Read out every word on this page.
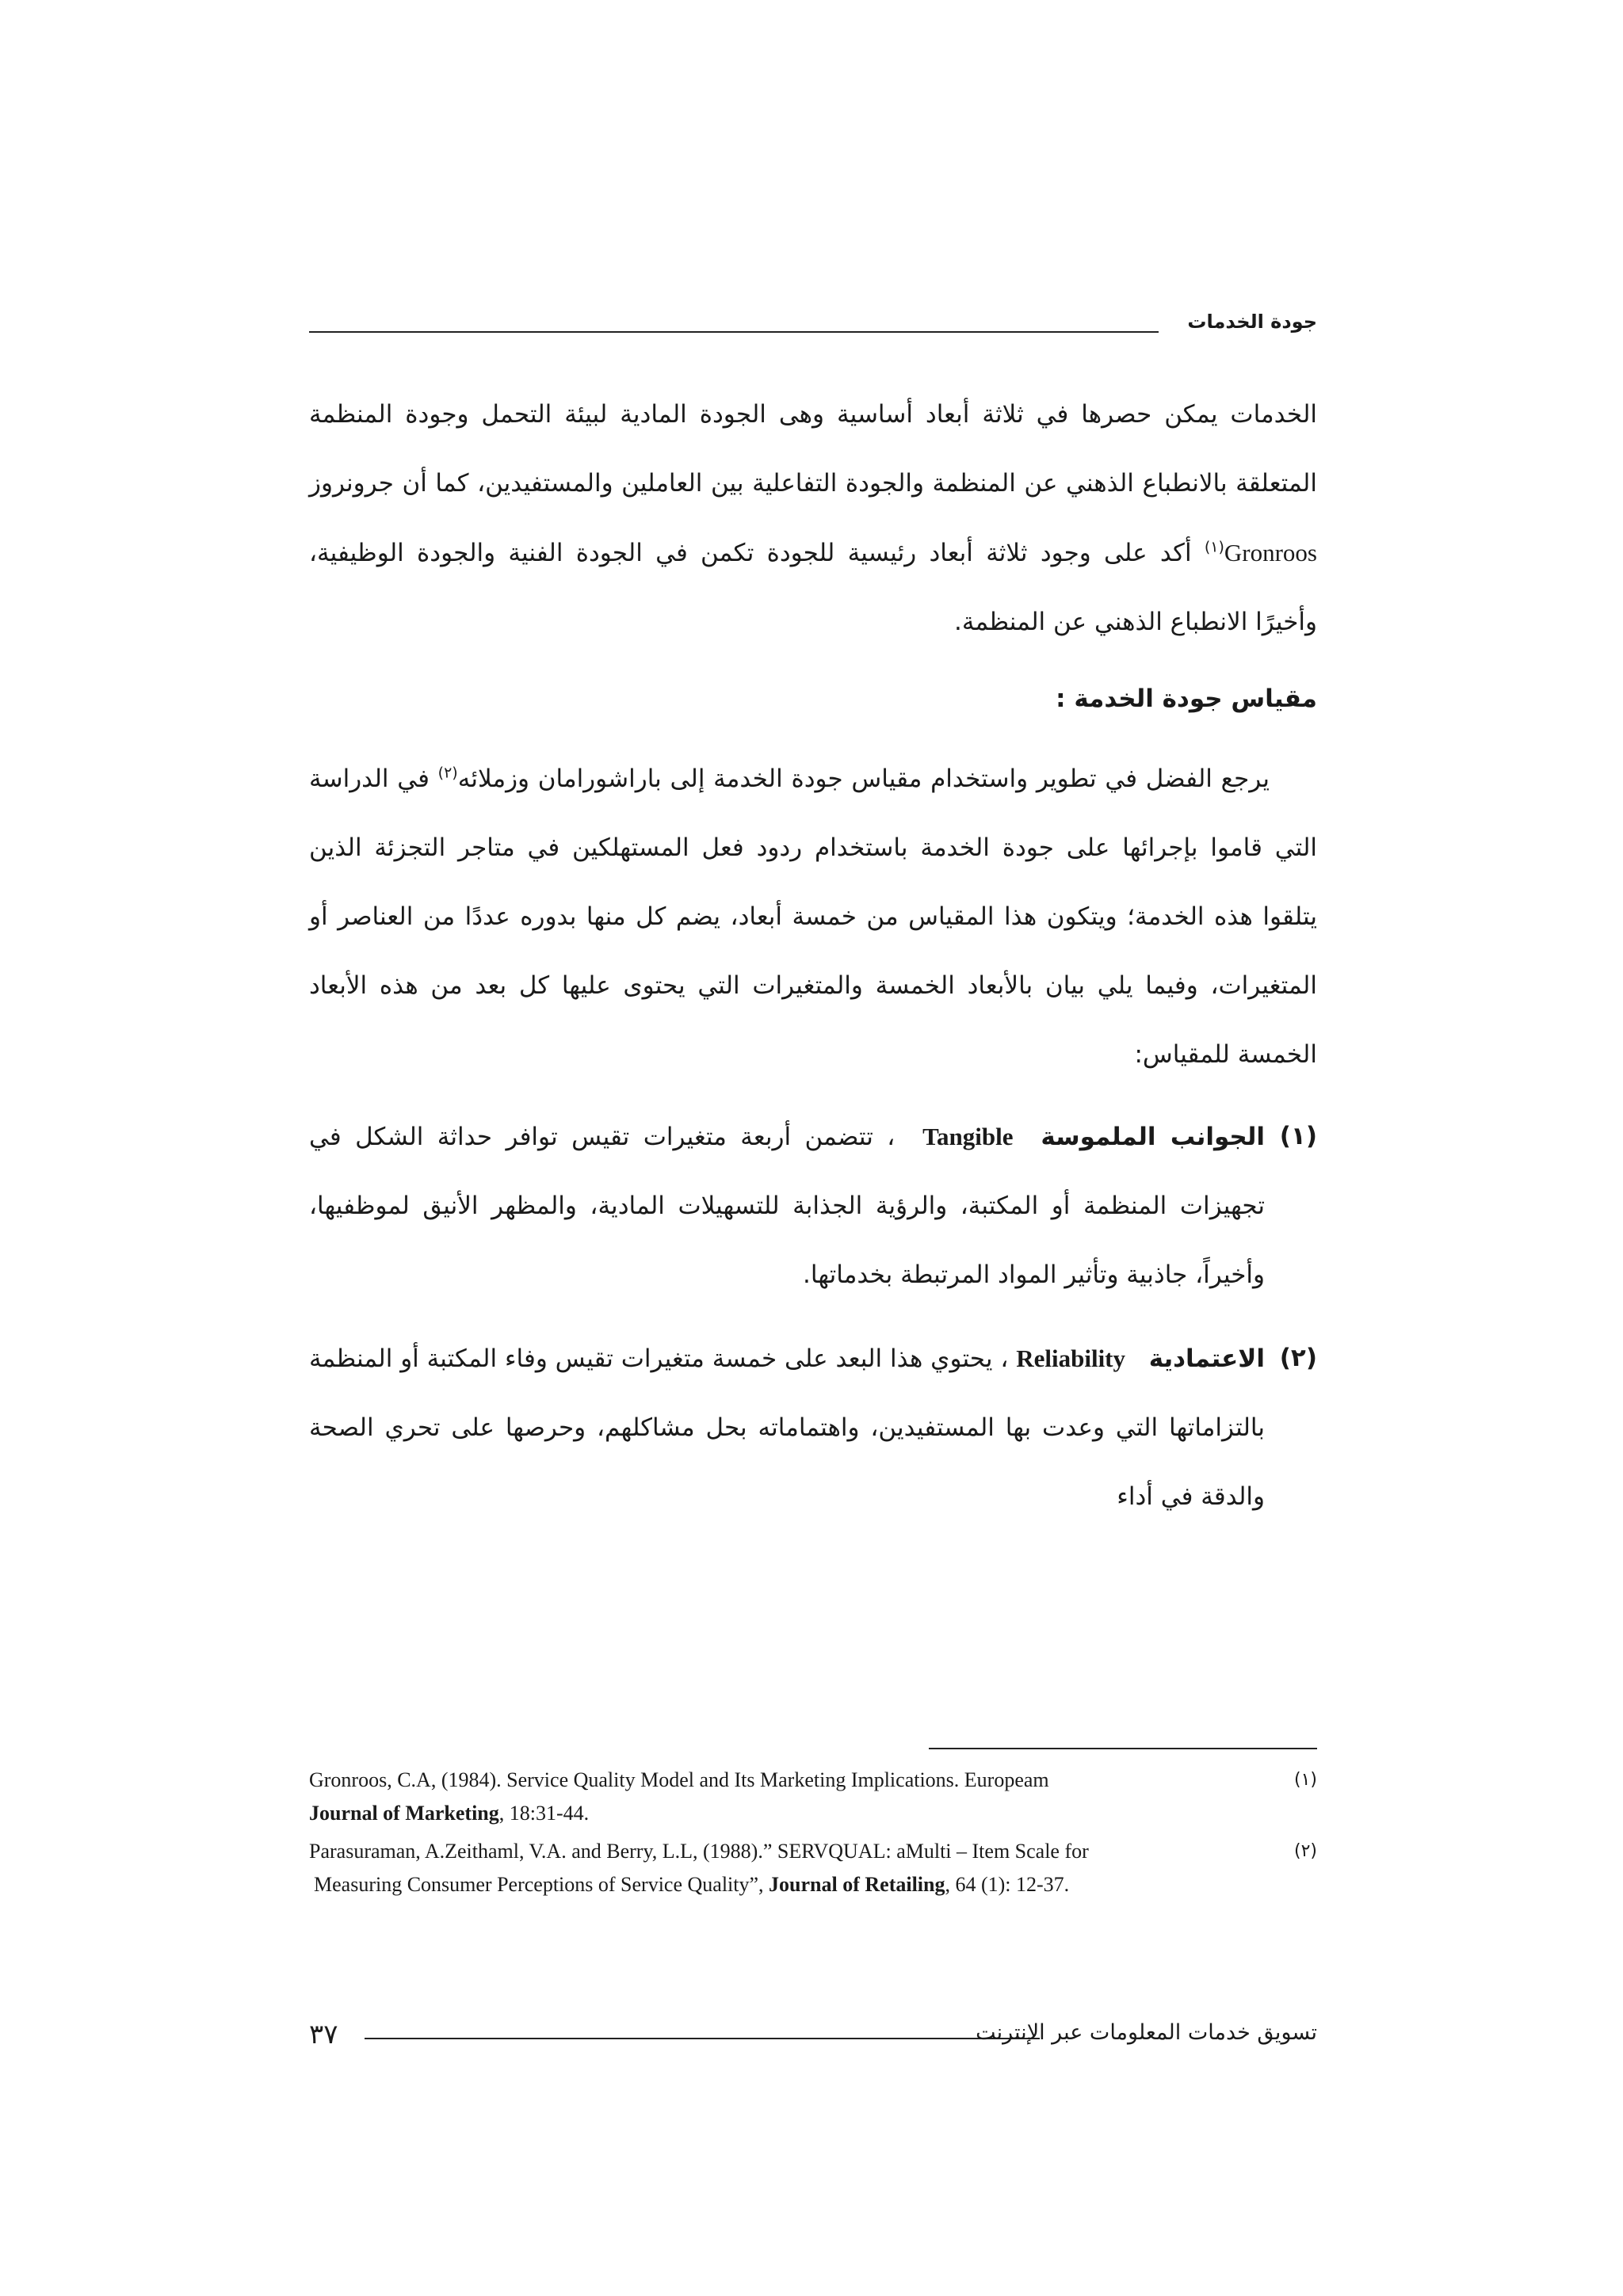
جودة الخدمات

الخدمات يمكن حصرها في ثلاثة أبعاد أساسية وهى الجودة المادية لبيئة التحمل وجودة المنظمة المتعلقة بالانطباع الذهني عن المنظمة والجودة التفاعلية بين العاملين والمستفيدين، كما أن جرونروز Gronroos$^{(١)}$ أكد على وجود ثلاثة أبعاد رئيسية للجودة تكمن في الجودة الفنية والجودة الوظيفية، وأخيرًا الانطباع الذهني عن المنظمة.

مقياس جودة الخدمة :

يرجع الفضل في تطوير واستخدام مقياس جودة الخدمة إلى باراشورامان وزملائه$^{(٢)}$ في الدراسة التي قاموا بإجرائها على جودة الخدمة باستخدام ردود فعل المستهلكين في متاجر التجزئة الذين يتلقوا هذه الخدمة؛ ويتكون هذا المقياس من خمسة أبعاد، يضم كل منها بدوره عددًا من العناصر أو المتغيرات، وفيما يلي بيان بالأبعاد الخمسة والمتغيرات التي يحتوى عليها كل بعد من هذه الأبعاد الخمسة للمقياس:

(١)
الجوانب الملموسة  Tangible  ، تتضمن أربعة متغيرات تقيس توافر حداثة الشكل في تجهيزات المنظمة أو المكتبة، والرؤية الجذابة للتسهيلات المادية، والمظهر الأنيق لموظفيها، وأخيراً، جاذبية وتأثير المواد المرتبطة بخدماتها.
(٢)
الاعتمادية   Reliability ، يحتوي هذا البعد على خمسة متغيرات تقيس وفاء المكتبة أو المنظمة بالتزاماتها التي وعدت بها المستفيدين، واهتماماته بحل مشاكلهم، وحرصها على تحري الصحة والدقة في أداء
(١)
Gronroos, C.A, (1984). Service Quality Model and Its Marketing Implications. Europeam
Journal of Marketing, 18:31-44.
(٢)
Parasuraman, A.Zeithaml, V.A. and Berry, L.L, (1988).” SERVQUAL: aMulti – Item Scale for

Measuring Consumer Perceptions of Service Quality”, Journal of Retailing, 64 (1): 12-37.
٣٧	تسويق خدمات المعلومات عبر الإنترنت
